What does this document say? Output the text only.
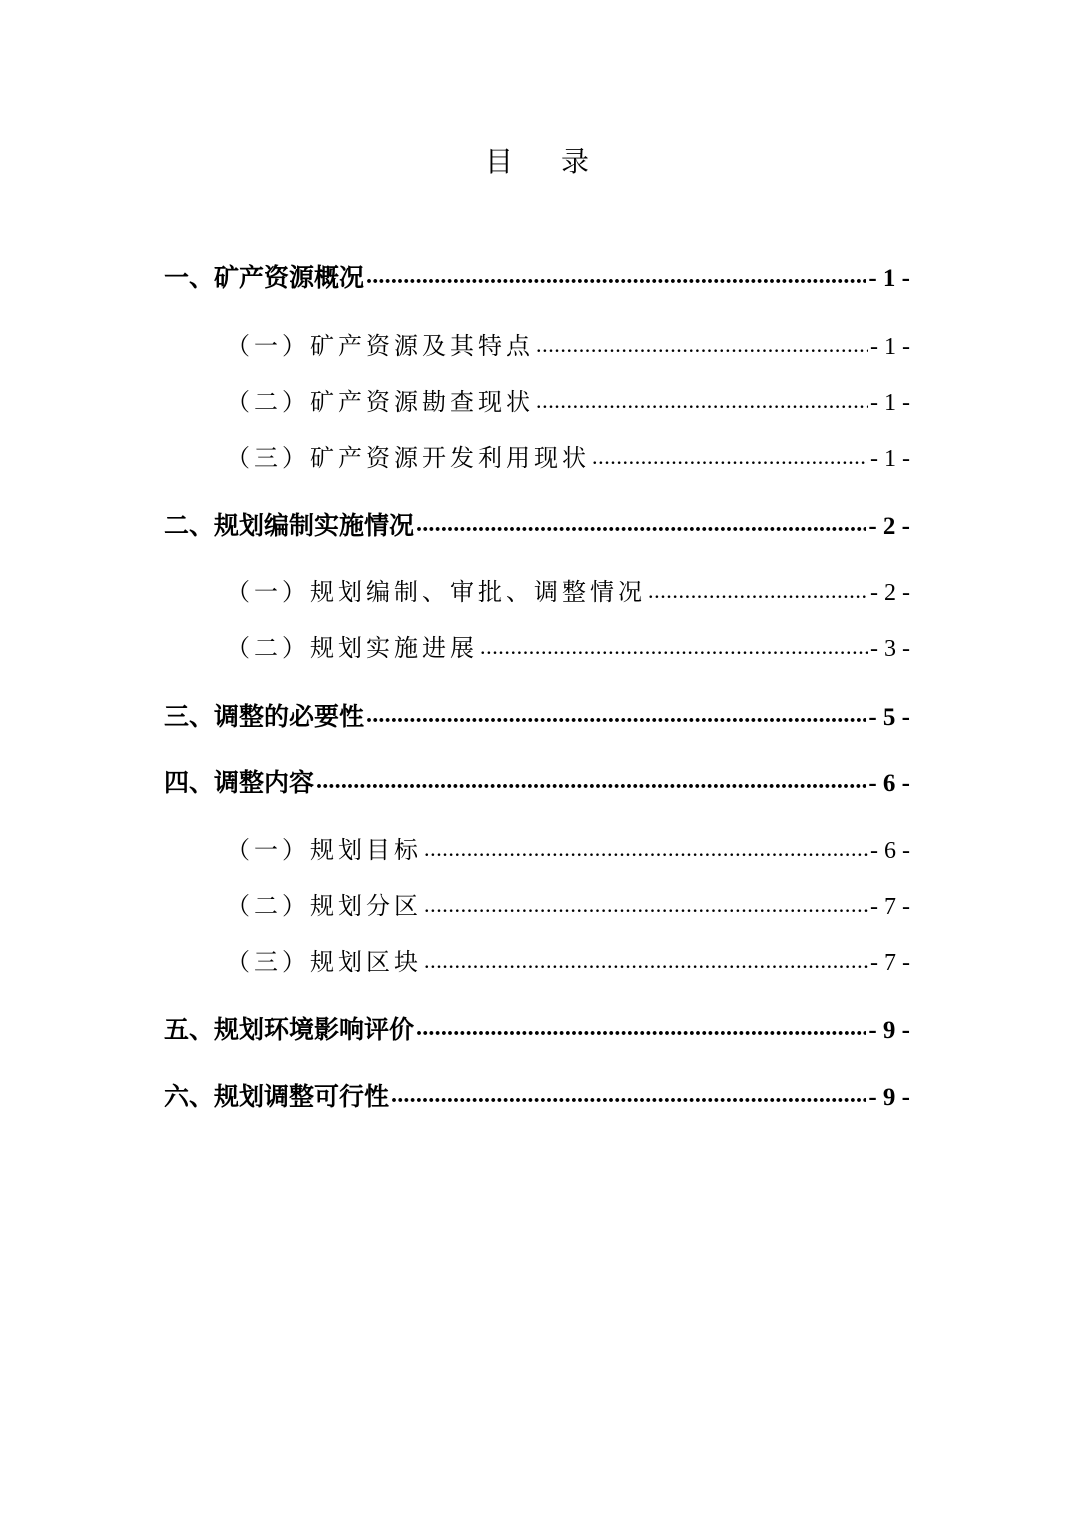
目录
一、矿产资源概况 .....	- 1 -
（一）矿产资源及其特点 .....	- 1 -
（二）矿产资源勘查现状 .....	- 1 -
（三）矿产资源开发利用现状 .....	- 1 -
二、规划编制实施情况 .....	- 2 -
（一）规划编制、审批、调整情况 .....	- 2 -
（二）规划实施进展 .....	- 3 -
三、调整的必要性 .....	- 5 -
四、调整内容 .....	- 6 -
（一）规划目标 .....	- 6 -
（二）规划分区 .....	- 7 -
（三）规划区块 .....	- 7 -
五、规划环境影响评价 .....	- 9 -
六、规划调整可行性 .....	- 9 -
